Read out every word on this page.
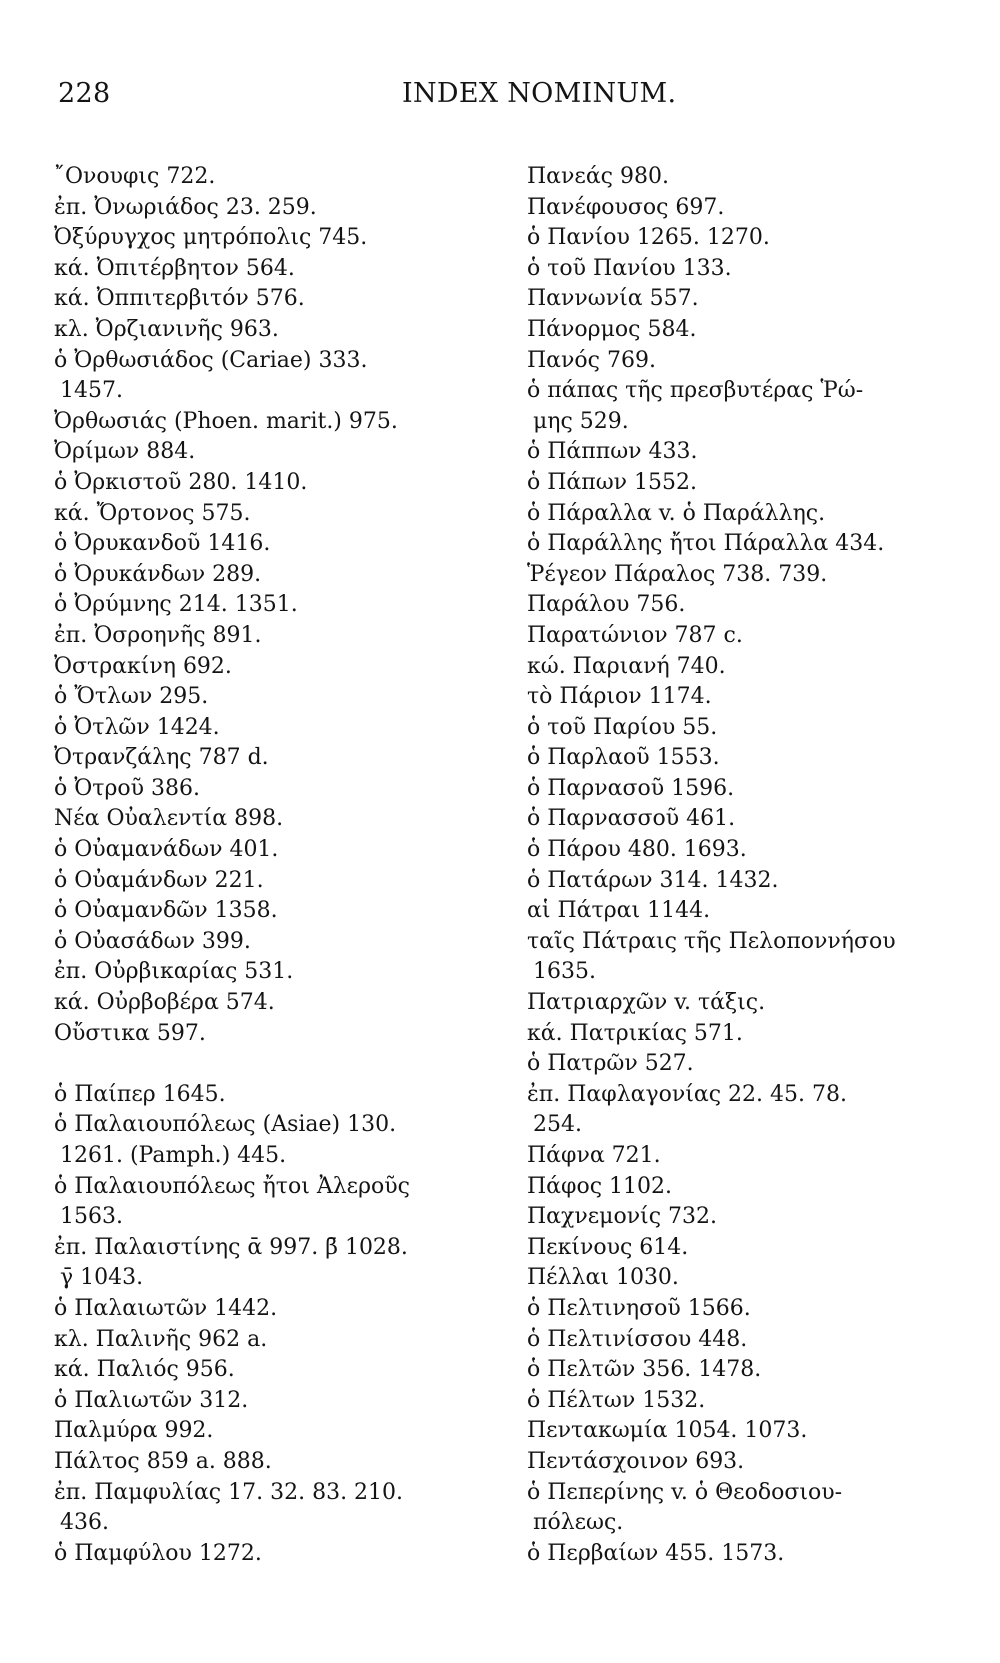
228	INDEX NOMINUM.
῎Ονουφις 722.
ἐπ. Ὀνωριάδος 23. 259.
Ὀξύρυγχος μητρόπολις 745.
κά. Ὀπιτέρβητον 564.
κά. Ὀππιτερβιτόν 576.
κλ. Ὀρζιανινῆς 963.
ὁ Ὀρθωσιάδος (Cariae) 333.
1457.
Ὀρθωσιάς (Phoen. marit.) 975.
Ὀρίμων 884.
ὁ Ὀρκιστοῦ 280. 1410.
κά. Ὄρτονος 575.
ὁ Ὀρυκανδοῦ 1416.
ὁ Ὀρυκάνδων 289.
ὁ Ὀρύμνης 214. 1351.
ἐπ. Ὀσροηνῆς 891.
Ὀστρακίνη 692.
ὁ Ὄτλων 295.
ὁ Ὀτλῶν 1424.
Ὀτρανζάλης 787 d.
ὁ Ὀτροῦ 386.
Νέα Οὐαλεντία 898.
ὁ Οὐαμανάδων 401.
ὁ Οὐαμάνδων 221.
ὁ Οὐαμανδῶν 1358.
ὁ Οὐασάδων 399.
ἐπ. Οὐρβικαρίας 531.
κά. Οὐρβοβέρα 574.
Οὔστικα 597.
ὁ Παίπερ 1645.
ὁ Παλαιουπόλεως (Asiae) 130.
1261. (Pamph.) 445.
ὁ Παλαιουπόλεως ἤτοι Ἀλεροῦς
1563.
ἐπ. Παλαιστίνης ᾱ 997. β̄ 1028.
γ̄ 1043.
ὁ Παλαιωτῶν 1442.
κλ. Παλινῆς 962 a.
κά. Παλιός 956.
ὁ Παλιωτῶν 312.
Παλμύρα 992.
Πάλτος 859 a. 888.
ἐπ. Παμφυλίας 17. 32. 83. 210.
436.
ὁ Παμφύλου 1272.
Πανεάς 980.
Πανέφουσος 697.
ὁ Πανίου 1265. 1270.
ὁ τοῦ Πανίου 133.
Παννωνία 557.
Πάνορμος 584.
Πανός 769.
ὁ πάπας τῆς πρεσβυτέρας Ῥώ-
μης 529.
ὁ Πάππων 433.
ὁ Πάπων 1552.
ὁ Πάραλλα v. ὁ Παράλλης.
ὁ Παράλλης ἤτοι Πάραλλα 434.
Ῥέγεον Πάραλος 738. 739.
Παράλου 756.
Παρατώνιον 787 c.
κώ. Παριανή 740.
τὸ Πάριον 1174.
ὁ τοῦ Παρίου 55.
ὁ Παρλαοῦ 1553.
ὁ Παρνασοῦ 1596.
ὁ Παρνασσοῦ 461.
ὁ Πάρου 480. 1693.
ὁ Πατάρων 314. 1432.
αἱ Πάτραι 1144.
ταῖς Πάτραις τῆς Πελοποννήσου
1635.
Πατριαρχῶν v. τάξις.
κά. Πατρικίας 571.
ὁ Πατρῶν 527.
ἐπ. Παφλαγονίας 22. 45. 78.
254.
Πάφνα 721.
Πάφος 1102.
Παχνεμονίς 732.
Πεκίνους 614.
Πέλλαι 1030.
ὁ Πελτινησοῦ 1566.
ὁ Πελτινίσσου 448.
ὁ Πελτῶν 356. 1478.
ὁ Πέλτων 1532.
Πεντακωμία 1054. 1073.
Πεντάσχοινον 693.
ὁ Πεπερίνης v. ὁ Θεοδοσιου-
πόλεως.
ὁ Περβαίων 455. 1573.
